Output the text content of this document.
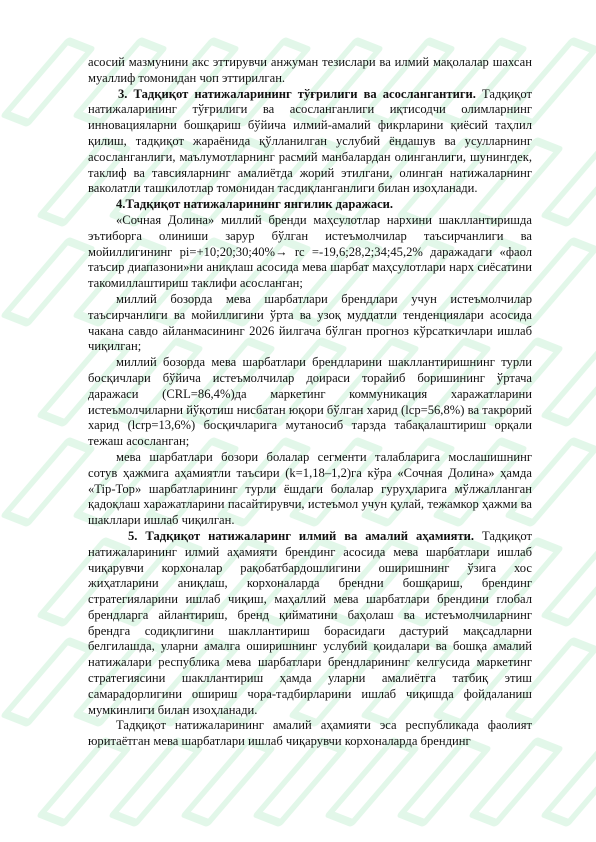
асосий мазмунини акс эттирувчи анжуман тезислари ва илмий мақолалар шахсан муаллиф томонидан чоп эттирилган.

3. Тадқиқот натижаларининг тўғрилиги ва асослангантиги. Тадқиқот натижаларининг тўғрилиги ва асосланганлиги иқтисодчи олимларнинг инновацияларни бошқариш бўйича илмий-амалий фикрларини қиёсий таҳлил қилиш, тадқиқот жараёнида қўлланилган услубий ёндашув ва усулларнинг асосланганлиги, маълумотларнинг расмий манбалардан олинганлиги, шунингдек, таклиф ва тавсияларнинг амалиётда жорий этилгани, олинган натижаларнинг ваколатли ташкилотлар томонидан тасдиқланганлиги билан изоҳланади.

4.Тадқиқот натижаларининг янгилик даражаси.

«Сочная Долина» миллий бренди маҳсулотлар нархини шакллантиришда эътиборга олиниши зарур бўлган истеъмолчилар таъсирчанлиги ва мойиллигининг pi=+10;20;30;40%→ rc =-19,6;28,2;34;45,2% даражадаги «фаол таъсир диапазони»ни аниқлаш асосида мева шарбат маҳсулотлари нарх сиёсатини такомиллаштириш таклифи асосланган;

миллий бозорда мева шарбатлари брендлари учун истеъмолчилар таъсирчанлиги ва мойиллигини ўрта ва узоқ муддатли тенденциялари асосида чакана савдо айланмасининг 2026 йилгача бўлган прогноз кўрсаткичлари ишлаб чиқилган;

миллий бозорда мева шарбатлари брендларини шакллантиришнинг турли босқичлари бўйича истеъмолчилар доираси торайиб боришининг ўртача даражаси (CRL=86,4%)да маркетинг коммуникация харажатларини истеъмолчиларни йўқотиш нисбатан юқори бўлган харид (lcp=56,8%) ва такрорий харид (lcrp=13,6%) босқичларига мутаносиб тарзда табақалаштириш орқали тежаш асосланган;

мева шарбатлари бозори болалар сегменти талабларига мослашишнинг сотув ҳажмига аҳамиятли таъсири (k=1,18–1,2)га кўра «Сочная Долина» ҳамда «Tip-Top» шарбатларининг турли ёшдаги болалар гуруҳларига мўлжалланган қадоқлаш харажатларини пасайтирувчи, истеъмол учун қулай, тежамкор ҳажми ва шакллари ишлаб чиқилган.

5. Тадқиқот натижаларинг илмий ва амалий аҳамияти. Тадқиқот натижаларининг илмий аҳамияти брендинг асосида мева шарбатлари ишлаб чиқарувчи корхоналар рақобатбардошлигини оширишнинг ўзига хос жиҳатларини аниқлаш, корхоналарда брендни бошқариш, брендинг стратегияларини ишлаб чиқиш, маҳаллий мева шарбатлари брендини глобал брендларга айлантириш, бренд қийматини баҳолаш ва истеъмолчиларнинг брендга содиқлигини шакллантириш борасидаги дастурий мақсадларни белгилашда, уларни амалга оширишнинг услубий қоидалари ва бошқа амалий натижалари республика мева шарбатлари брендларининг келгусида маркетинг стратегиясини шакллантириш ҳамда уларни амалиётга татбиқ этиш самарадорлигини ошириш чора-тадбирларини ишлаб чиқишда фойдаланиш мумкинлиги билан изоҳланади.

Тадқиқот натижаларининг амалий аҳамияти эса республикада фаолият юритаётган мева шарбатлари ишлаб чиқарувчи корхоналарда брендинг
